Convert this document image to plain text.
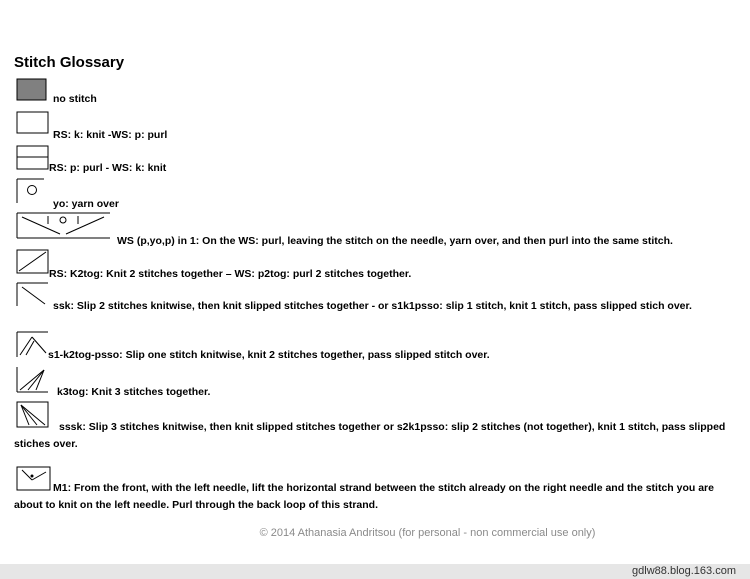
Stitch Glossary
no stitch
RS: k: knit -WS: p: purl
RS: p: purl - WS: k: knit
yo: yarn over
WS (p,yo,p) in 1: On the WS: purl, leaving the stitch on the needle, yarn over, and then purl into the same stitch.
RS: K2tog: Knit 2 stitches together – WS: p2tog: purl 2 stitches together.
ssk: Slip 2 stitches knitwise, then knit slipped stitches together - or s1k1psso: slip 1 stitch, knit 1 stitch, pass slipped stich over.
s1-k2tog-psso: Slip one stitch knitwise, knit 2 stitches together, pass slipped stitch over.
k3tog: Knit 3 stitches together.
sssk: Slip 3 stitches knitwise, then knit slipped stitches together or s2k1psso: slip 2 stitches (not together), knit 1 stitch, pass slipped stiches over.
M1: From the front, with the left needle, lift the horizontal strand between the stitch already on the right needle and the stitch you are about to knit on the left needle. Purl through the back loop of this strand.
© 2014 Athanasia Andritsou (for personal - non commercial use only)
gdlw88.blog.163.com
